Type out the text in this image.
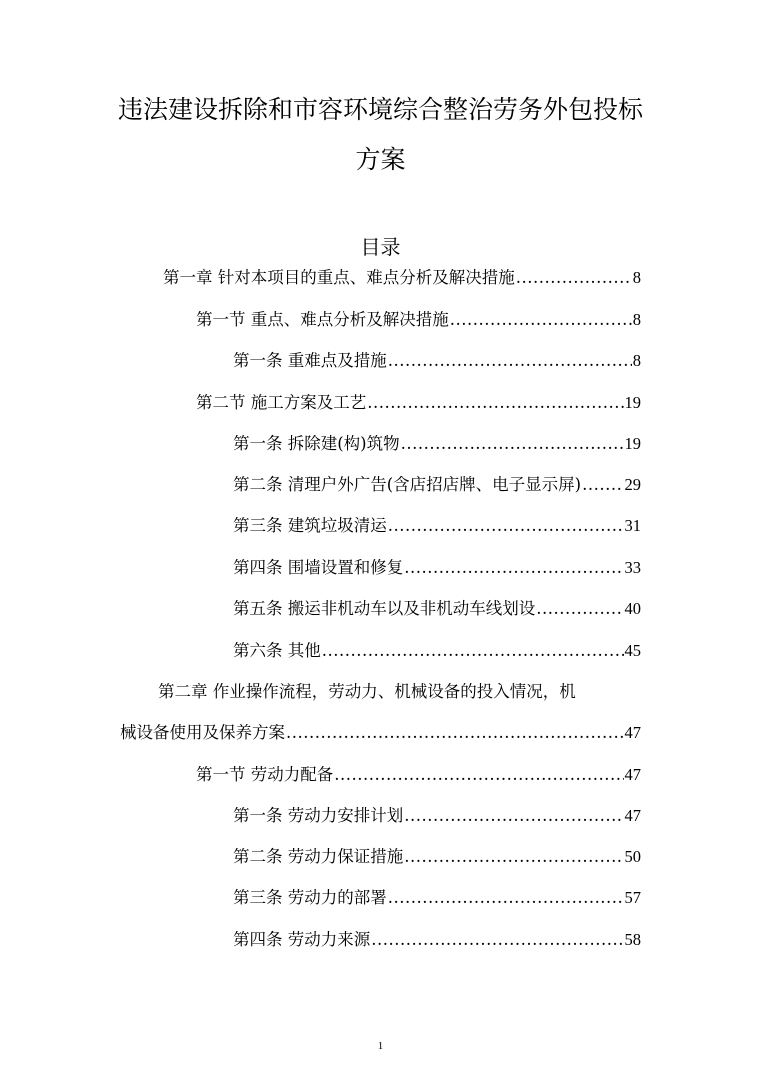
违法建设拆除和市容环境综合整治劳务外包投标
方案
目录
第一章 针对本项目的重点、难点分析及解决措施 .....	8
第一节 重点、难点分析及解决措施 .....	8
第一条 重难点及措施 .....	8
第二节 施工方案及工艺 .....	19
第一条 拆除建(构)筑物 .....	19
第二条 清理户外广告(含店招店牌、电子显示屏) .....	29
第三条 建筑垃圾清运 .....	31
第四条 围墙设置和修复 .....	33
第五条 搬运非机动车以及非机动车线划设 .....	40
第六条 其他 .....	45
第二章 作业操作流程，劳动力、机械设备的投入情况，机
械设备使用及保养方案 .....	47
第一节 劳动力配备 .....	47
第一条 劳动力安排计划 .....	47
第二条 劳动力保证措施 .....	50
第三条 劳动力的部署 .....	57
第四条 劳动力来源 .....	58
1
